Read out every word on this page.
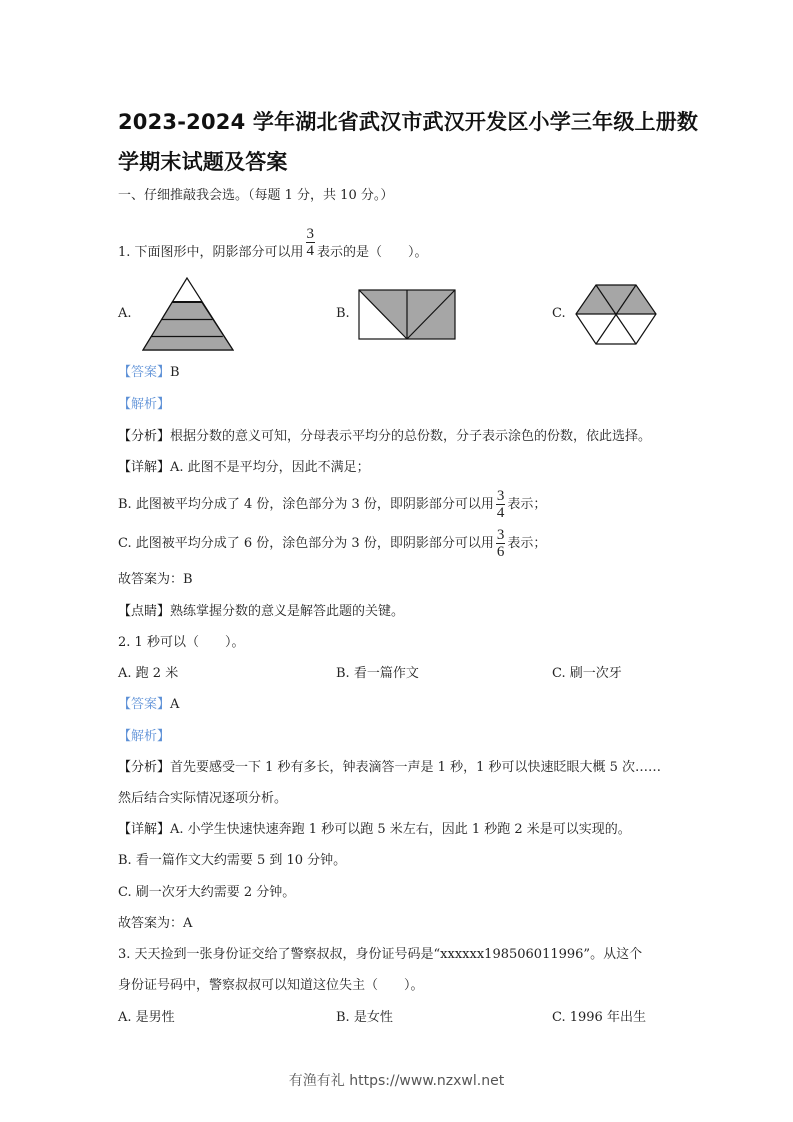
2023-2024 学年湖北省武汉市武汉开发区小学三年级上册数
学期末试题及答案
一、仔细推敲我会选。（每题 1 分，共 10 分。）
1. 下面图形中，阴影部分可以用 $\frac{3}{4}$ 表示的是（　　）。
A.	B.	C.
【答案】B
【解析】
【分析】根据分数的意义可知，分母表示平均分的总份数，分子表示涂色的份数，依此选择。
【详解】A. 此图不是平均分，因此不满足；
B. 此图被平均分成了 4 份，涂色部分为 3 份，即阴影部分可以用 $\frac{3}{4}$ 表示；
C. 此图被平均分成了 6 份，涂色部分为 3 份，即阴影部分可以用 $\frac{3}{6}$ 表示；
故答案为：B
【点睛】熟练掌握分数的意义是解答此题的关键。
2. 1 秒可以（　　）。
A. 跑 2 米	B. 看一篇作文	C. 刷一次牙
【答案】A
【解析】
【分析】首先要感受一下 1 秒有多长，钟表滴答一声是 1 秒，1 秒可以快速眨眼大概 5 次……
然后结合实际情况逐项分析。
【详解】A. 小学生快速快速奔跑 1 秒可以跑 5 米左右，因此 1 秒跑 2 米是可以实现的。
B. 看一篇作文大约需要 5 到 10 分钟。
C. 刷一次牙大约需要 2 分钟。
故答案为：A
3. 天天捡到一张身份证交给了警察叔叔，身份证号码是“xxxxxx198506011996”。从这个
身份证号码中，警察叔叔可以知道这位失主（　　）。
A. 是男性	B. 是女性	C. 1996 年出生
有渔有礼 https://www.nzxwl.net
